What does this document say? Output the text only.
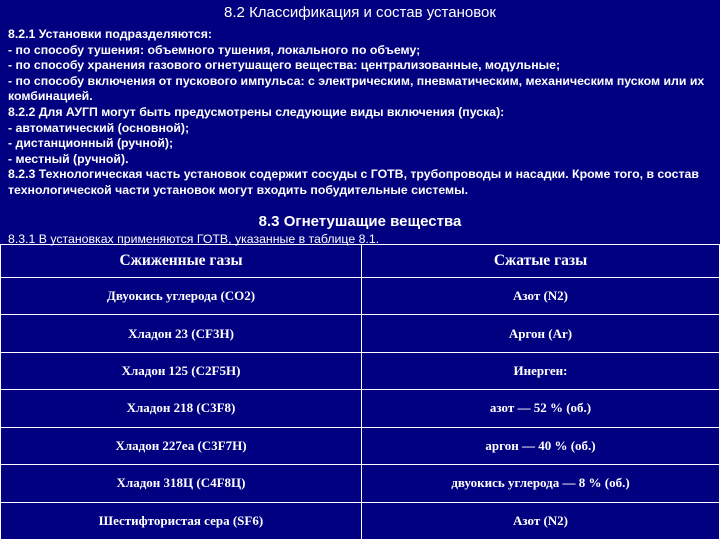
8.2 Классификация и состав установок
8.2.1 Установки подразделяются:
- по способу тушения: объемного тушения, локального по объему;
- по способу хранения газового огнетушащего вещества: централизованные, модульные;
- по способу включения от пускового импульса: с электрическим, пневматическим, механическим пуском или их комбинацией.
8.2.2 Для АУГП могут быть предусмотрены следующие виды включения (пуска):
- автоматический (основной);
- дистанционный (ручной);
- местный (ручной).
8.2.3 Технологическая часть установок содержит сосуды с ГОТВ, трубопроводы и насадки. Кроме того, в состав технологической части установок могут входить побудительные системы.
8.3 Огнетушащие вещества
8.3.1 В установках применяются ГОТВ, указанные в таблице 8.1.
Сжиженные газы	Сжатые газы
Двуокись углерода (СО2)	Азот (N2)
Хладон 23 (CF3H)	Аргон (Ar)
Хладон 125 (C2F5H)	Инерген:
Хладон 218 (C3F8)	азот — 52 % (об.)
Хладон 227еа (C3F7H)	аргон — 40 % (об.)
Хладон 318Ц (C4F8Ц)	двуокись углерода — 8 % (об.)
Шестифтористая сера (SF6)	Азот (N2)
